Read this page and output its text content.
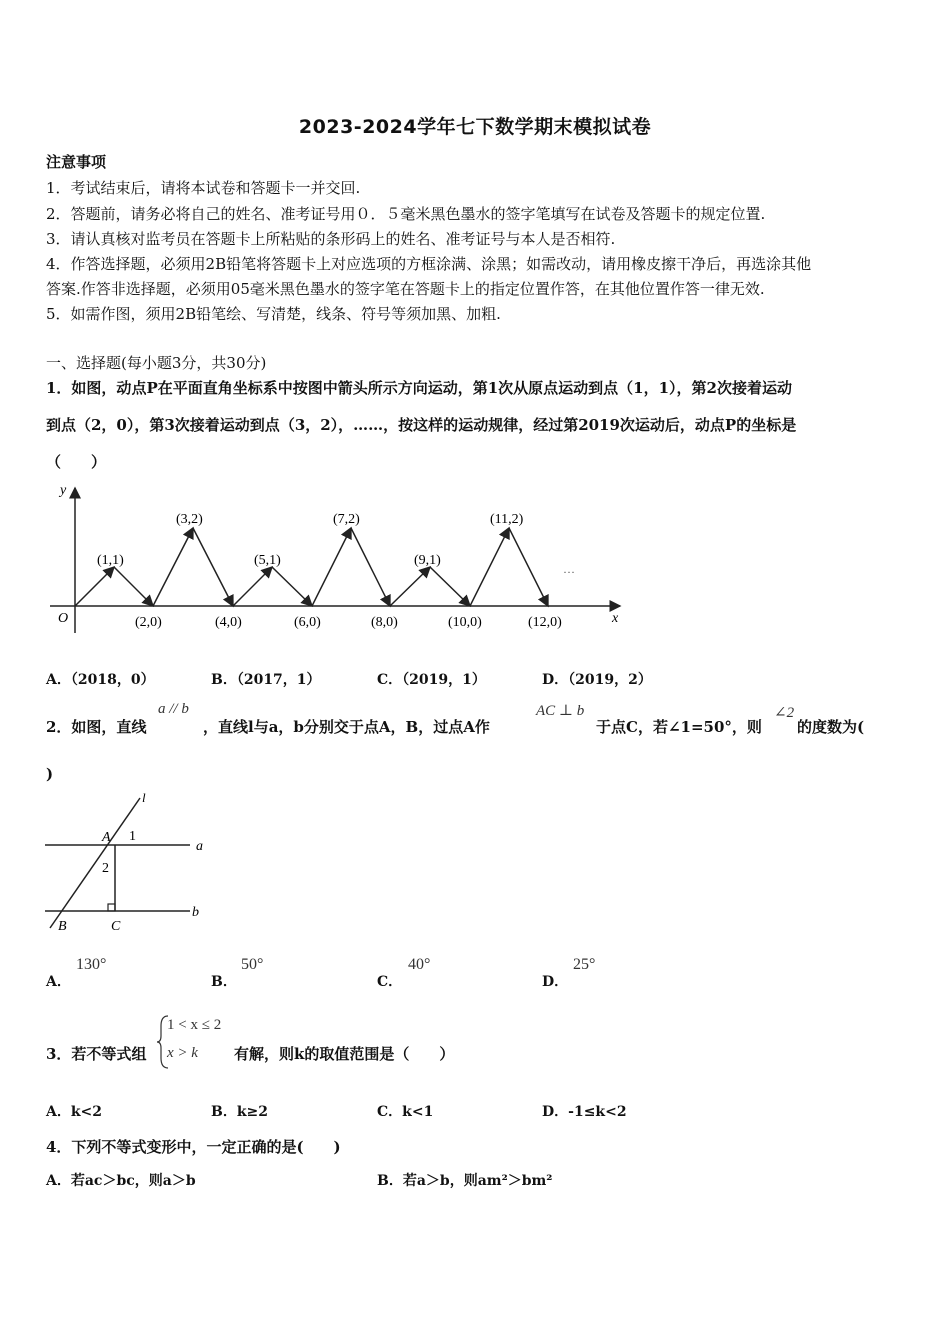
2023-2024学年七下数学期末模拟试卷
注意事项
1．考试结束后，请将本试卷和答题卡一并交回.
2．答题前，请务必将自己的姓名、准考证号用０．５毫米黑色墨水的签字笔填写在试卷及答题卡的规定位置.
3．请认真核对监考员在答题卡上所粘贴的条形码上的姓名、准考证号与本人是否相符.
4．作答选择题，必须用2B铅笔将答题卡上对应选项的方框涂满、涂黑；如需改动，请用橡皮擦干净后，再选涂其他
答案.作答非选择题，必须用05毫米黑色墨水的签字笔在答题卡上的指定位置作答，在其他位置作答一律无效.
5．如需作图，须用2B铅笔绘、写清楚，线条、符号等须加黑、加粗.
一、选择题(每小题3分，共30分)
1．如图，动点P在平面直角坐标系中按图中箭头所示方向运动，第1次从原点运动到点（1，1），第2次接着运动
到点（2，0），第3次接着运动到点（3，2），……，按这样的运动规律，经过第2019次运动后，动点P的坐标是
（　　）
y
x
O
(1,1)
(3,2)
(5,1)
(7,2)
(9,1)
(11,2)
(2,0)	(4,0)	(6,0)	(8,0)	(10,0)	(12,0)
···
A．（2018，0）	B．（2017，1）	C．（2019，1）	D．（2019，2）
2．如图，直线
a // b
，直线l与a，b分别交于点A，B，过点A作
AC ⊥ b
于点C，若∠1=50°，则
∠2
的度数为(
)
l
A 1
2
a
B	C
b
A．
130°
B．
50°
C．
40°
D．
25°
3．若不等式组
1 < x ≤ 2
x > k 有解，则k的取值范围是（　　）
A．k<2	B．k≥2	C．k<1	D．-1≤k<2
4．下列不等式变形中，一定正确的是(　　)
A．若ac＞bc，则a＞b	B．若a＞b，则am²＞bm²
